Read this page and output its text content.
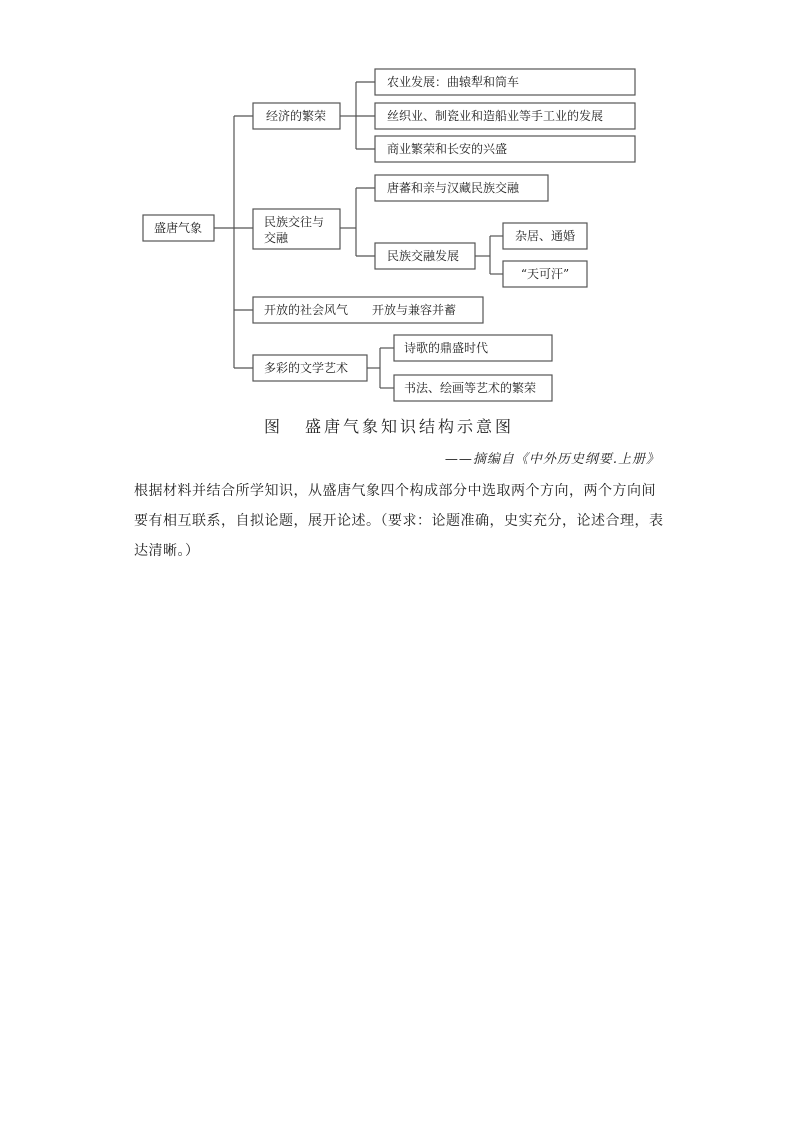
盛唐气象
经济的繁荣
农业发展：曲辕犁和筒车
丝织业、制瓷业和造船业等手工业的发展
商业繁荣和长安的兴盛
民族交往与
交融
唐蕃和亲与汉藏民族交融
民族交融发展
杂居、通婚
“天可汗”
开放的社会风气　　开放与兼容并蓄
多彩的文学艺术
诗歌的鼎盛时代
书法、绘画等艺术的繁荣
图 盛唐气象知识结构示意图
——摘编自《中外历史纲要.上册》
根据材料并结合所学知识，从盛唐气象四个构成部分中选取两个方向，两个方向间要有相互联系，自拟论题，展开论述。（要求：论题准确，史实充分，论述合理，表达清晰。）
